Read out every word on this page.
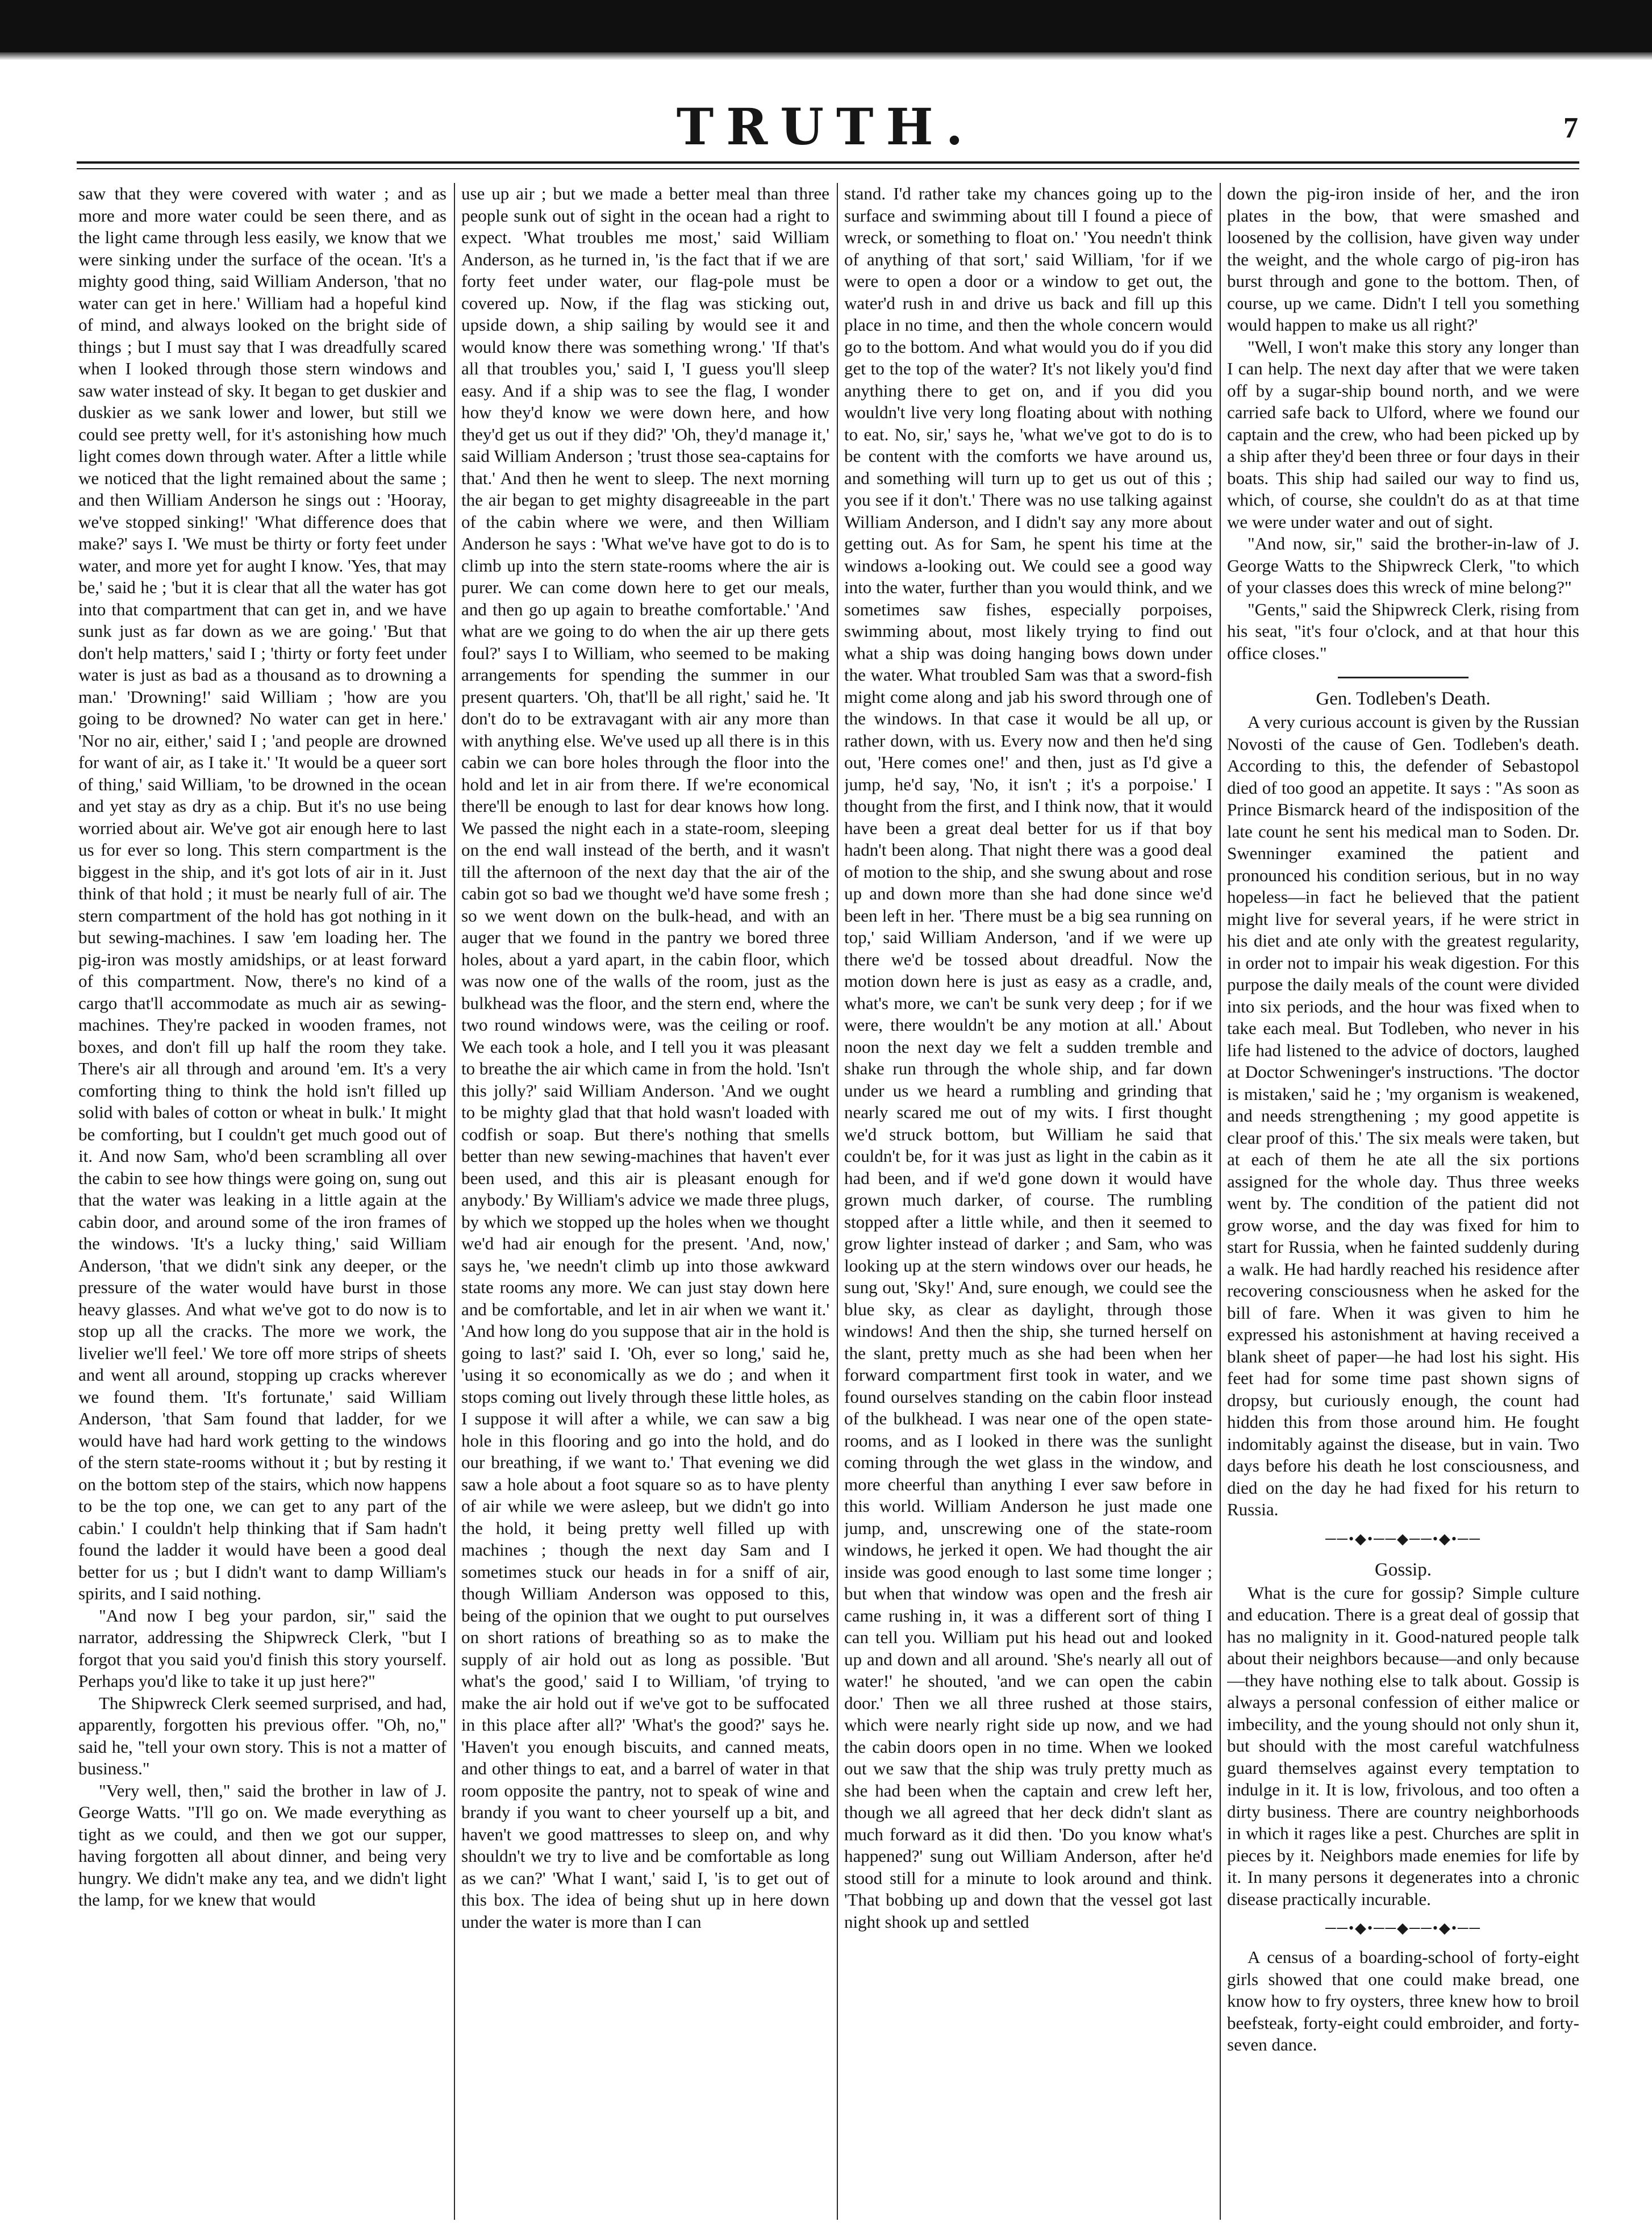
TRUTH.	7

saw that they were covered with water ; and as more and more water could be seen there, and as the light came through less easily, we know that we were sinking under the surface of the ocean. 'It's a mighty good thing, said William Anderson, 'that no water can get in here.' William had a hopeful kind of mind, and always looked on the bright side of things ; but I must say that I was dreadfully scared when I looked through those stern windows and saw water instead of sky. It began to get duskier and duskier as we sank lower and lower, but still we could see pretty well, for it's astonishing how much light comes down through water. After a little while we noticed that the light remained about the same ; and then William Anderson he sings out : 'Hooray, we've stopped sinking!' 'What difference does that make?' says I. 'We must be thirty or forty feet under water, and more yet for aught I know. 'Yes, that may be,' said he ; 'but it is clear that all the water has got into that compartment that can get in, and we have sunk just as far down as we are going.' 'But that don't help matters,' said I ; 'thirty or forty feet under water is just as bad as a thousand as to drowning a man.' 'Drowning!' said William ; 'how are you going to be drowned? No water can get in here.' 'Nor no air, either,' said I ; 'and people are drowned for want of air, as I take it.' 'It would be a queer sort of thing,' said William, 'to be drowned in the ocean and yet stay as dry as a chip. But it's no use being worried about air. We've got air enough here to last us for ever so long. This stern compartment is the biggest in the ship, and it's got lots of air in it. Just think of that hold ; it must be nearly full of air. The stern compartment of the hold has got nothing in it but sewing-machines. I saw 'em loading her. The pig-iron was mostly amidships, or at least forward of this compartment. Now, there's no kind of a cargo that'll accommodate as much air as sewing-machines. They're packed in wooden frames, not boxes, and don't fill up half the room they take. There's air all through and around 'em. It's a very comforting thing to think the hold isn't filled up solid with bales of cotton or wheat in bulk.' It might be comforting, but I couldn't get much good out of it. And now Sam, who'd been scrambling all over the cabin to see how things were going on, sung out that the water was leaking in a little again at the cabin door, and around some of the iron frames of the windows. 'It's a lucky thing,' said William Anderson, 'that we didn't sink any deeper, or the pressure of the water would have burst in those heavy glasses. And what we've got to do now is to stop up all the cracks. The more we work, the livelier we'll feel.' We tore off more strips of sheets and went all around, stopping up cracks wherever we found them. 'It's fortunate,' said William Anderson, 'that Sam found that ladder, for we would have had hard work getting to the windows of the stern state-rooms without it ; but by resting it on the bottom step of the stairs, which now happens to be the top one, we can get to any part of the cabin.' I couldn't help thinking that if Sam hadn't found the ladder it would have been a good deal better for us ; but I didn't want to damp William's spirits, and I said nothing.

"And now I beg your pardon, sir," said the narrator, addressing the Shipwreck Clerk, "but I forgot that you said you'd finish this story yourself. Perhaps you'd like to take it up just here?"

The Shipwreck Clerk seemed surprised, and had, apparently, forgotten his previous offer. "Oh, no," said he, "tell your own story. This is not a matter of business."

"Very well, then," said the brother in law of J. George Watts. "I'll go on. We made everything as tight as we could, and then we got our supper, having forgotten all about dinner, and being very hungry. We didn't make any tea, and we didn't light the lamp, for we knew that would

use up air ; but we made a better meal than three people sunk out of sight in the ocean had a right to expect. 'What troubles me most,' said William Anderson, as he turned in, 'is the fact that if we are forty feet under water, our flag-pole must be covered up. Now, if the flag was sticking out, upside down, a ship sailing by would see it and would know there was something wrong.' 'If that's all that troubles you,' said I, 'I guess you'll sleep easy. And if a ship was to see the flag, I wonder how they'd know we were down here, and how they'd get us out if they did?' 'Oh, they'd manage it,' said William Anderson ; 'trust those sea-captains for that.' And then he went to sleep. The next morning the air began to get mighty disagreeable in the part of the cabin where we were, and then William Anderson he says : 'What we've have got to do is to climb up into the stern state-rooms where the air is purer. We can come down here to get our meals, and then go up again to breathe comfortable.' 'And what are we going to do when the air up there gets foul?' says I to William, who seemed to be making arrangements for spending the summer in our present quarters. 'Oh, that'll be all right,' said he. 'It don't do to be extravagant with air any more than with anything else. We've used up all there is in this cabin we can bore holes through the floor into the hold and let in air from there. If we're economical there'll be enough to last for dear knows how long. We passed the night each in a state-room, sleeping on the end wall instead of the berth, and it wasn't till the afternoon of the next day that the air of the cabin got so bad we thought we'd have some fresh ; so we went down on the bulk-head, and with an auger that we found in the pantry we bored three holes, about a yard apart, in the cabin floor, which was now one of the walls of the room, just as the bulkhead was the floor, and the stern end, where the two round windows were, was the ceiling or roof. We each took a hole, and I tell you it was pleasant to breathe the air which came in from the hold. 'Isn't this jolly?' said William Anderson. 'And we ought to be mighty glad that that hold wasn't loaded with codfish or soap. But there's nothing that smells better than new sewing-machines that haven't ever been used, and this air is pleasant enough for anybody.' By William's advice we made three plugs, by which we stopped up the holes when we thought we'd had air enough for the present. 'And, now,' says he, 'we needn't climb up into those awkward state rooms any more. We can just stay down here and be comfortable, and let in air when we want it.' 'And how long do you suppose that air in the hold is going to last?' said I. 'Oh, ever so long,' said he, 'using it so economically as we do ; and when it stops coming out lively through these little holes, as I suppose it will after a while, we can saw a big hole in this flooring and go into the hold, and do our breathing, if we want to.' That evening we did saw a hole about a foot square so as to have plenty of air while we were asleep, but we didn't go into the hold, it being pretty well filled up with machines ; though the next day Sam and I sometimes stuck our heads in for a sniff of air, though William Anderson was opposed to this, being of the opinion that we ought to put ourselves on short rations of breathing so as to make the supply of air hold out as long as possible. 'But what's the good,' said I to William, 'of trying to make the air hold out if we've got to be suffocated in this place after all?' 'What's the good?' says he. 'Haven't you enough biscuits, and canned meats, and other things to eat, and a barrel of water in that room opposite the pantry, not to speak of wine and brandy if you want to cheer yourself up a bit, and haven't we good mattresses to sleep on, and why shouldn't we try to live and be comfortable as long as we can?' 'What I want,' said I, 'is to get out of this box. The idea of being shut up in here down under the water is more than I can

stand. I'd rather take my chances going up to the surface and swimming about till I found a piece of wreck, or something to float on.' 'You needn't think of anything of that sort,' said William, 'for if we were to open a door or a window to get out, the water'd rush in and drive us back and fill up this place in no time, and then the whole concern would go to the bottom. And what would you do if you did get to the top of the water? It's not likely you'd find anything there to get on, and if you did you wouldn't live very long floating about with nothing to eat. No, sir,' says he, 'what we've got to do is to be content with the comforts we have around us, and something will turn up to get us out of this ; you see if it don't.' There was no use talking against William Anderson, and I didn't say any more about getting out. As for Sam, he spent his time at the windows a-looking out. We could see a good way into the water, further than you would think, and we sometimes saw fishes, especially porpoises, swimming about, most likely trying to find out what a ship was doing hanging bows down under the water. What troubled Sam was that a sword-fish might come along and jab his sword through one of the windows. In that case it would be all up, or rather down, with us. Every now and then he'd sing out, 'Here comes one!' and then, just as I'd give a jump, he'd say, 'No, it isn't ; it's a porpoise.' I thought from the first, and I think now, that it would have been a great deal better for us if that boy hadn't been along. That night there was a good deal of motion to the ship, and she swung about and rose up and down more than she had done since we'd been left in her. 'There must be a big sea running on top,' said William Anderson, 'and if we were up there we'd be tossed about dreadful. Now the motion down here is just as easy as a cradle, and, what's more, we can't be sunk very deep ; for if we were, there wouldn't be any motion at all.' About noon the next day we felt a sudden tremble and shake run through the whole ship, and far down under us we heard a rumbling and grinding that nearly scared me out of my wits. I first thought we'd struck bottom, but William he said that couldn't be, for it was just as light in the cabin as it had been, and if we'd gone down it would have grown much darker, of course. The rumbling stopped after a little while, and then it seemed to grow lighter instead of darker ; and Sam, who was looking up at the stern windows over our heads, he sung out, 'Sky!' And, sure enough, we could see the blue sky, as clear as daylight, through those windows! And then the ship, she turned herself on the slant, pretty much as she had been when her forward compartment first took in water, and we found ourselves standing on the cabin floor instead of the bulkhead. I was near one of the open state-rooms, and as I looked in there was the sunlight coming through the wet glass in the window, and more cheerful than anything I ever saw before in this world. William Anderson he just made one jump, and, unscrewing one of the state-room windows, he jerked it open. We had thought the air inside was good enough to last some time longer ; but when that window was open and the fresh air came rushing in, it was a different sort of thing I can tell you. William put his head out and looked up and down and all around. 'She's nearly all out of water!' he shouted, 'and we can open the cabin door.' Then we all three rushed at those stairs, which were nearly right side up now, and we had the cabin doors open in no time. When we looked out we saw that the ship was truly pretty much as she had been when the captain and crew left her, though we all agreed that her deck didn't slant as much forward as it did then. 'Do you know what's happened?' sung out William Anderson, after he'd stood still for a minute to look around and think. 'That bobbing up and down that the vessel got last night shook up and settled

down the pig-iron inside of her, and the iron plates in the bow, that were smashed and loosened by the collision, have given way under the weight, and the whole cargo of pig-iron has burst through and gone to the bottom. Then, of course, up we came. Didn't I tell you something would happen to make us all right?'

"Well, I won't make this story any longer than I can help. The next day after that we were taken off by a sugar-ship bound north, and we were carried safe back to Ulford, where we found our captain and the crew, who had been picked up by a ship after they'd been three or four days in their boats. This ship had sailed our way to find us, which, of course, she couldn't do as at that time we were under water and out of sight.

"And now, sir," said the brother-in-law of J. George Watts to the Shipwreck Clerk, "to which of your classes does this wreck of mine belong?"

"Gents," said the Shipwreck Clerk, rising from his seat, "it's four o'clock, and at that hour this office closes."

Gen. Todleben's Death.

A very curious account is given by the Russian Novosti of the cause of Gen. Todleben's death. According to this, the defender of Sebastopol died of too good an appetite. It says : "As soon as Prince Bismarck heard of the indisposition of the late count he sent his medical man to Soden. Dr. Swenninger examined the patient and pronounced his condition serious, but in no way hopeless—in fact he believed that the patient might live for several years, if he were strict in his diet and ate only with the greatest regularity, in order not to impair his weak digestion. For this purpose the daily meals of the count were divided into six periods, and the hour was fixed when to take each meal. But Todleben, who never in his life had listened to the advice of doctors, laughed at Doctor Schweninger's instructions. 'The doctor is mistaken,' said he ; 'my organism is weakened, and needs strengthening ; my good appetite is clear proof of this.' The six meals were taken, but at each of them he ate all the six portions assigned for the whole day. Thus three weeks went by. The condition of the patient did not grow worse, and the day was fixed for him to start for Russia, when he fainted suddenly during a walk. He had hardly reached his residence after recovering consciousness when he asked for the bill of fare. When it was given to him he expressed his astonishment at having received a blank sheet of paper—he had lost his sight. His feet had for some time past shown signs of dropsy, but curiously enough, the count had hidden this from those around him. He fought indomitably against the disease, but in vain. Two days before his death he lost consciousness, and died on the day he had fixed for his return to Russia.

──•◆•──◆──•◆•──

Gossip.

What is the cure for gossip? Simple culture and education. There is a great deal of gossip that has no malignity in it. Good-natured people talk about their neighbors because—and only because—they have nothing else to talk about. Gossip is always a personal confession of either malice or imbecility, and the young should not only shun it, but should with the most careful watchfulness guard themselves against every temptation to indulge in it. It is low, frivolous, and too often a dirty business. There are country neighborhoods in which it rages like a pest. Churches are split in pieces by it. Neighbors made enemies for life by it. In many persons it degenerates into a chronic disease practically incurable.

──•◆•──◆──•◆•──

A census of a boarding-school of forty-eight girls showed that one could make bread, one know how to fry oysters, three knew how to broil beefsteak, forty-eight could embroider, and forty-seven dance.
